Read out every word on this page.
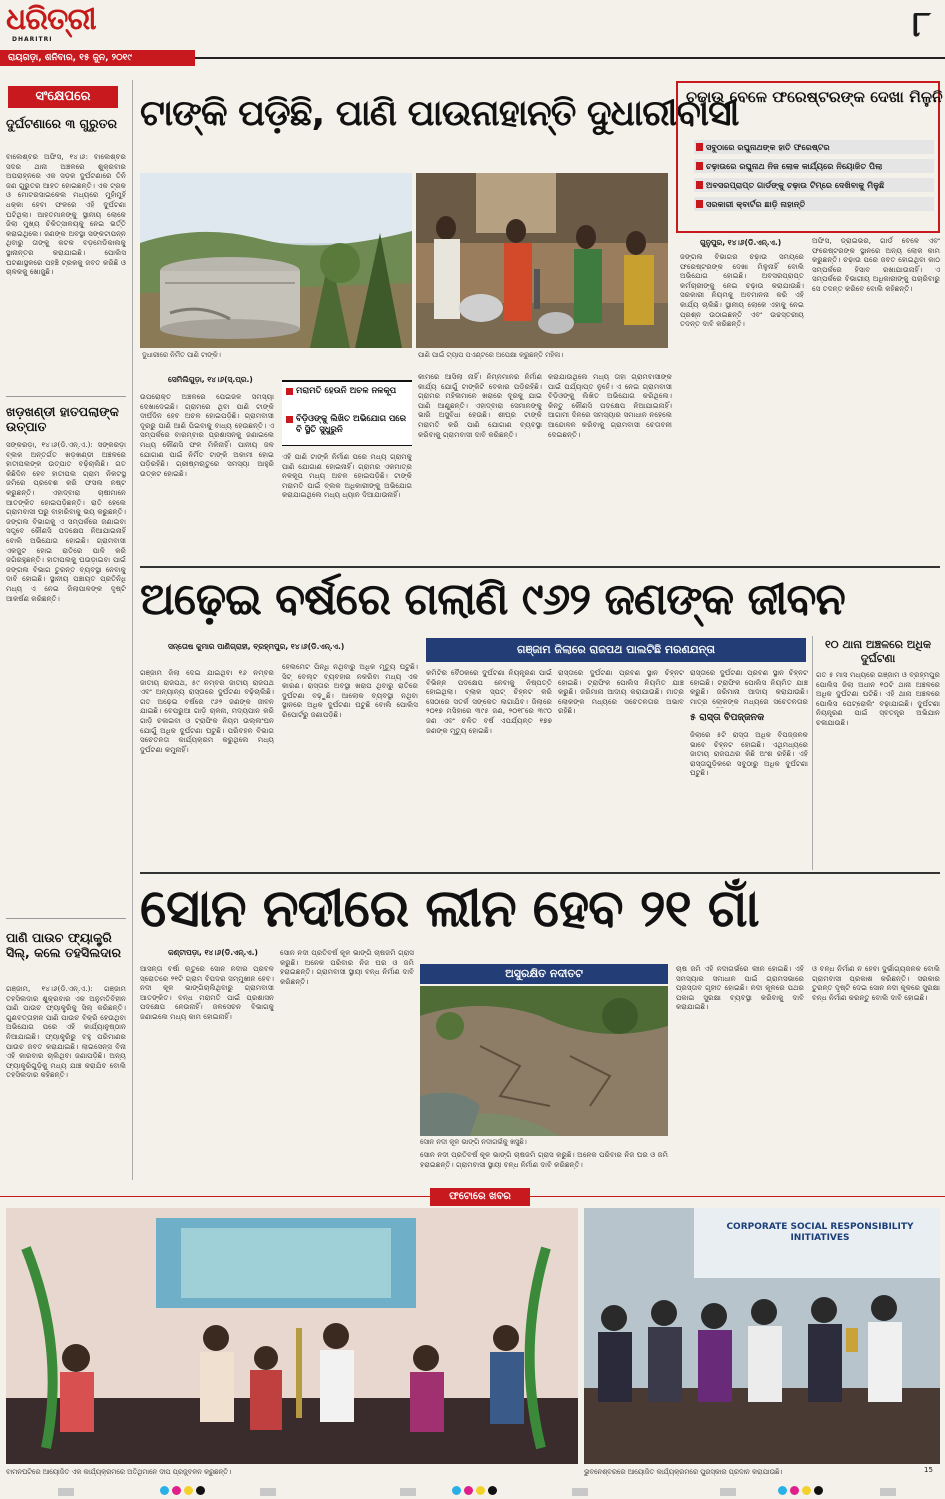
ଧରିତ୍ରୀ
DHARITRI
ରାୟଗଡ଼ା, ଶନିବାର, ୧୫ ଜୁନ, ୨୦୧୯
୮
ସଂକ୍ଷେପରେ
ଦୁର୍ଘଟଣାରେ ୩ ଗୁରୁତର
ବାଲେଶ୍ବର ଅଫିସ, ୧୪।୬: ବାଲେଶ୍ବର ସଦର ଥାନା ଅଞ୍ଚଳରେ ଶୁକ୍ରବାର ଅପରାହ୍ନରେ ଏକ ସଡ଼କ ଦୁର୍ଘଟଣାରେ ତିନି ଜଣ ଗୁରୁତର ଆହତ ହୋଇଛନ୍ତି। ଏକ ଟ୍ରକ ଓ ମୋଟରସାଇକେଲ ମଧ୍ୟରେ ମୁହାଁମୁହିଁ ଧକ୍କା ହେବା ଫଳରେ ଏହି ଦୁର୍ଘଟଣା ଘଟିଥିଲା। ଆହତମାନଙ୍କୁ ସ୍ଥାନୀୟ ଲୋକେ ଜିଲା ମୁଖ୍ୟ ଚିକିତ୍ସାଳୟକୁ ନେଇ ଭର୍ତ୍ତି କରାଇଥିଲେ। ଜଣଙ୍କ ଅବସ୍ଥା ସଙ୍କଟାପନ୍ନ ଥିବାରୁ ତାଙ୍କୁ କଟକ ବଡ଼ମେଡିକାଲକୁ ସ୍ଥାନାନ୍ତର କରାଯାଇଛି। ପୋଲିସ ଘଟଣାସ୍ଥଳରେ ପହଞ୍ଚି ଟ୍ରକକୁ ଜବତ କରିଛି ଓ ଚାଳକକୁ ଖୋଜୁଛି।
ଖଡ଼ଖଣ୍ଡୀ ହାତପଲାଙ୍କ ଉତ୍ପାତ
ସଙ୍କରଡ଼ା, ୧୪।୬(ଡି.ଏନ୍.ଏ.): ସଙ୍କରଡ଼ା ବ୍ଲକ ଅନ୍ତର୍ଗତ ଖଡ଼ଖଣ୍ଡୀ ଅଞ୍ଚଳରେ ହାତୀପଲଙ୍କ ଉତ୍ପାତ ବଢ଼ିଚାଲିଛି। ଗତ କିଛିଦିନ ହେବ ହାତୀପଲ ଗ୍ରାମ ନିକଟସ୍ଥ ଜମିରେ ପ୍ରବେଶ କରି ଫସଲ ନଷ୍ଟ କରୁଛନ୍ତି। ଏହାଦ୍ବାରା ଚାଷୀମାନେ ଆତଙ୍କିତ ହୋଇପଡ଼ିଛନ୍ତି। ରାତି ହେଲେ ଗ୍ରାମବାସୀ ଘରୁ ବାହାରିବାକୁ ଭୟ କରୁଛନ୍ତି। ଜଙ୍ଗଲ ବିଭାଗକୁ ଏ ସମ୍ପର୍କରେ ଜଣାଇବା ସତ୍ତ୍ବେ କୌଣସି ପଦକ୍ଷେପ ନିଆଯାଇନାହିଁ ବୋଲି ଅଭିଯୋଗ ହୋଇଛି। ଗ୍ରାମବାସୀ ଏକଜୁଟ ହୋଇ ରାତିରେ ପାଳି କରି ଜଗିରହୁଛନ୍ତି। ହାତୀପଲକୁ ଘଉଡ଼ାଇବା ପାଇଁ ଜଙ୍ଗଲ ବିଭାଗ ତୁରନ୍ତ ବ୍ୟବସ୍ଥା ନେବାକୁ ଦାବି ହୋଇଛି। ସ୍ଥାନୀୟ ପଞ୍ଚାୟତ ପ୍ରତିନିଧି ମଧ୍ୟ ଏ ନେଇ ଜିଲାପାଳଙ୍କ ଦୃଷ୍ଟି ଆକର୍ଷଣ କରିଛନ୍ତି।
ପାଣି ପାଉଚ ଫ୍ୟାକ୍ଟ୍ରି ସିଲ୍, କଲେ ତହସିଲଦାର
ଗଞ୍ଜାମ, ୧୪।୬(ଡି.ଏନ୍.ଏ.): ଗଞ୍ଜାମ ତହସିଲଦାର ଶୁକ୍ରବାର ଏକ ଅନୁମତିବିହୀନ ପାଣି ପାଉଚ ଫ୍ୟାକ୍ଟ୍ରିକୁ ସିଲ୍ କରିଛନ୍ତି। ଗୁଣବତ୍ତାହୀନ ପାଣି ପାଉଚ ବିକ୍ରି ହେଉଥିବା ଅଭିଯୋଗ ପରେ ଏହି କାର୍ଯ୍ୟାନୁଷ୍ଠାନ ନିଆଯାଇଛି। ଫ୍ୟାକ୍ଟ୍ରିରୁ ବହୁ ପରିମାଣର ପାଉଚ ଜବତ କରାଯାଇଛି। ଲାଇସେନ୍ସ ବିନା ଏହି କାରବାର ଚାଲିଥିବା ଜଣାପଡ଼ିଛି। ଅନ୍ୟ ଫ୍ୟାକ୍ଟ୍ରିଗୁଡ଼ିକୁ ମଧ୍ୟ ଯାଞ୍ଚ କରାଯିବ ବୋଲି ତହସିଲଦାର କହିଛନ୍ତି।
ଟାଙ୍କି ପଡ଼ିଛି, ପାଣି ପାଉନାହାନ୍ତି ଦୁଧାରୀବାସୀ
ଦୁଧାରୀରେ ନିର୍ମିତ ପାଣି ଟାଙ୍କି।	ପାଣି ପାଇଁ ଟ୍ୟାପ ପଏଣ୍ଟରେ ଅପେକ୍ଷା କରୁଛନ୍ତି ମହିଳା।
ସେମିଲିଗୁଡ଼ା, ୧୪।୬(ସ୍.ପ୍ର.)
ମରାମତି ହେଉନି ଅଚଳ ନଳକୂପ
ବିଡ଼ିଓଙ୍କୁ ଲିଖିତ ଅଭିଯୋଗ ପରେ ବି ସ୍ଥିତି ସୁଧୁରୁନି
ଉପରୋକ୍ତ ଅଞ୍ଚଳରେ ପେଇଜଳ ସମସ୍ୟା ଦେଖାଦେଇଛି। ଗ୍ରାମରେ ଥିବା ପାଣି ଟାଙ୍କି ଦୀର୍ଘଦିନ ହେବ ଅଚଳ ହୋଇପଡ଼ିଛି। ଗ୍ରାମବାସୀ ଦୂରରୁ ପାଣି ଆଣି ପିଇବାକୁ ବାଧ୍ୟ ହେଉଛନ୍ତି। ଏ ସମ୍ପର୍କରେ ବାରମ୍ବାର ପ୍ରଶାସନକୁ ଜଣାଇଲେ ମଧ୍ୟ କୌଣସି ଫଳ ମିଳିନାହିଁ। ପାନୀୟ ଜଳ ଯୋଗାଣ ପାଇଁ ନିର୍ମିତ ଟାଙ୍କି ଅକାମୀ ହୋଇ ପଡ଼ିରହିଛି। ଗ୍ରୀଷ୍ମଋତୁରେ ସମସ୍ୟା ଆହୁରି ଉତ୍କଟ ହୋଇଛି।
ଏହି ପାଣି ଟାଙ୍କି ନିର୍ମାଣ ପରେ ମଧ୍ୟ ଗ୍ରାମକୁ ପାଣି ଯୋଗାଣ ହୋଇନାହିଁ। ଗ୍ରାମର ଏକମାତ୍ର ନଳକୂପ ମଧ୍ୟ ଅଚଳ ହୋଇପଡ଼ିଛି। ଟାଙ୍କି ମରାମତି ପାଇଁ ବ୍ଲକ ଅଧିକାରୀଙ୍କୁ ଅଭିଯୋଗ କରାଯାଇଥିଲେ ମଧ୍ୟ ଧ୍ୟାନ ଦିଆଯାଉନାହିଁ।
କାମରେ ଆସିଲା ନାହିଁ। ନିମ୍ନମାନର ନିର୍ମାଣ କାର୍ଯ୍ୟ ଯୋଗୁଁ ଟାଙ୍କିଟି ବେକାର ପଡ଼ିରହିଛି। ଗ୍ରାମର ମହିଳାମାନେ ଖରାରେ ଦୂରକୁ ଯାଇ ପାଣି ଆଣୁଛନ୍ତି। ଏହାଦ୍ବାରା ସେମାନଙ୍କୁ ଭାରି ଅସୁବିଧା ହେଉଛି। ଶୀଘ୍ର ଟାଙ୍କି ମରାମତି କରି ପାଣି ଯୋଗାଣ ବ୍ୟବସ୍ଥା କରିବାକୁ ଗ୍ରାମବାସୀ ଦାବି କରିଛନ୍ତି।
କରାଯାଉଥିଲେ ମଧ୍ୟ ତାହା ଗ୍ରାମବାସୀଙ୍କ ପାଇଁ ପର୍ଯ୍ୟାପ୍ତ ନୁହେଁ। ଏ ନେଇ ଗ୍ରାମବାସୀ ବିଡ଼ିଓଙ୍କୁ ଲିଖିତ ଅଭିଯୋଗ କରିଥିଲେ। କିନ୍ତୁ କୌଣସି ପଦକ୍ଷେପ ନିଆଯାଇନାହିଁ। ଆଗାମୀ ଦିନରେ ସମସ୍ୟାର ସମାଧାନ ନହେଲେ ଆନ୍ଦୋଳନ କରିବାକୁ ଗ୍ରାମବାସୀ ଚେତାବନୀ ଦେଇଛନ୍ତି।
ଚଢ଼ାଉ ବେଳେ ଫରେଷ୍ଟରଙ୍କ ଦେଖା ମିଳୁନି
ସବୁଠାରେ ରଘୁନାଥଙ୍କ ହାତି ଫରେଷ୍ଟର
ଚଢ଼ାଉରେ ରଘୁନାଥ ନିଜ ଲୋକ କାର୍ଯ୍ୟରେ ନିୟୋଜିତ ପିଲା
ଅବସରପ୍ରାପ୍ତ ଗାର୍ଡଙ୍କୁ ଚଢ଼ାଉ ଟିମ୍‌ରେ ଦେଖିବାକୁ ମିଳୁଛି
ସରକାରୀ କ୍ବାର୍ଟର ଛାଡ଼ି ନାହାନ୍ତି
ଗୁନୁପୁର, ୧୪।୬(ଡି.ଏନ୍.ଏ.)
ଜଙ୍ଗଲ ବିଭାଗର ଚଢ଼ାଉ ସମୟରେ ଫରେଷ୍ଟରଙ୍କ ଦେଖା ମିଳୁନାହିଁ ବୋଲି ଅଭିଯୋଗ ହୋଇଛି। ଅବସରପ୍ରାପ୍ତ କର୍ମଚାରୀଙ୍କୁ ନେଇ ଚଢ଼ାଉ କରାଯାଉଛି। ସରକାରୀ ନିୟମକୁ ଅବମାନନା କରି ଏହି କାର୍ଯ୍ୟ ଚାଲିଛି। ସ୍ଥାନୀୟ ଲୋକେ ଏହାକୁ ନେଇ ପ୍ରଶ୍ନ ଉଠାଇଛନ୍ତି ଏବଂ ଉଚ୍ଚସ୍ତରୀୟ ତଦନ୍ତ ଦାବି କରିଛନ୍ତି।
ଅଫିସ, ଡ୍ରାଇଭର, ଗାର୍ଡ ବେଳେ ଏବଂ ଫରେଷ୍ଟରଙ୍କ ସ୍ଥାନରେ ଅନ୍ୟ ଲୋକ କାମ କରୁଛନ୍ତି। ଚଢ଼ାଉ ପରେ ଜବତ ହୋଇଥିବା କାଠ ସମ୍ପର୍କରେ ହିସାବ ରଖାଯାଉନାହିଁ। ଏ ସମ୍ପର୍କରେ ବିଭାଗୀୟ ଅଧିକାରୀଙ୍କୁ ପଚାରିବାରୁ ସେ ତଦନ୍ତ କରିବେ ବୋଲି କହିଛନ୍ତି।
ଅଢ଼େଇ ବର୍ଷରେ ଗଲାଣି ୯୬୨ ଜଣଙ୍କ ଜୀବନ
ସନ୍ତୋଷ କୁମାର ପାଣିଗ୍ରାହୀ, ବ୍ରହ୍ମପୁର, ୧୪।୬(ଡି.ଏନ୍.ଏ.)
ଗଞ୍ଜାମ ଜିଲା ଦେଇ ଯାଇଥିବା ୧୬ ନମ୍ବର ଜାତୀୟ ରାଜପଥ, ୫୯ ନମ୍ବର ଜାତୀୟ ରାଜପଥ ଏବଂ ଅନ୍ୟାନ୍ୟ ରାସ୍ତାରେ ଦୁର୍ଘଟଣା ବଢ଼ିଚାଲିଛି। ଗତ ଅଢ଼େଇ ବର୍ଷରେ ୯୬୨ ଜଣଙ୍କ ଜୀବନ ଯାଇଛି। ବେପରୁଆ ଗାଡ଼ି ଚାଳନା, ମଦ୍ୟପାନ କରି ଗାଡ଼ି ଚଳାଇବା ଓ ଟ୍ରାଫିକ ନିୟମ ଉଲ୍ଲଂଘନ ଯୋଗୁଁ ଅଧିକ ଦୁର୍ଘଟଣା ଘଟୁଛି। ପରିବହନ ବିଭାଗ ସଚେତନତା କାର୍ଯ୍ୟକ୍ରମ କରୁଥିଲେ ମଧ୍ୟ ଦୁର୍ଘଟଣା କମୁନାହିଁ।
ହେଲମେଟ ପିନ୍ଧି ନଥିବାରୁ ଅଧିକ ମୃତ୍ୟୁ ଘଟୁଛି। ସିଟ୍ ବେଲ୍ଟ ବ୍ୟବହାର ନକରିବା ମଧ୍ୟ ଏକ କାରଣ। ରାସ୍ତାର ଅବସ୍ଥା ଖରାପ ଥିବାରୁ ରାତିରେ ଦୁର୍ଘଟଣା ବଢ଼ୁଛି। ଆଲୋକ ବ୍ୟବସ୍ଥା ନଥିବା ସ୍ଥାନରେ ଅଧିକ ଦୁର୍ଘଟଣା ଘଟୁଛି ବୋଲି ପୋଲିସ ରିପୋର୍ଟରୁ ଜଣାପଡ଼ିଛି।
ଗଞ୍ଜାମ ଜିଲାରେ ରାଜପଥ ପାଲଟିଛି ମରଣଯନ୍ତା
କମିଟିର ବୈଠକରେ ଦୁର୍ଘଟଣା ନିୟନ୍ତ୍ରଣ ପାଇଁ ବିଭିନ୍ନ ପଦକ୍ଷେପ ନେବାକୁ ନିଷ୍ପତ୍ତି ହୋଇଥିଲା। ବ୍ଲାକ ସ୍ପଟ୍ ଚିହ୍ନଟ କରି ସେଠାରେ ସତର୍କ ସଙ୍କେତ ଲଗାଯିବ। ଜିଲାରେ ୨୦୧୭ ମସିହାରେ ୩୯୫ ଜଣ, ୨୦୧୮ରେ ୩୯୦ ଜଣ ଏବଂ ଚଳିତ ବର୍ଷ ଏପର୍ଯ୍ୟନ୍ତ ୧୭୭ ଜଣଙ୍କ ମୃତ୍ୟୁ ହୋଇଛି।
ରାସ୍ତାରେ ଦୁର୍ଘଟଣା ପ୍ରବଣ ସ୍ଥାନ ଚିହ୍ନଟ ହୋଇଛି। ଟ୍ରାଫିକ ପୋଲିସ ନିୟମିତ ଯାଞ୍ଚ କରୁଛି। ଜରିମାନା ଆଦାୟ କରାଯାଉଛି। ମାତ୍ର ଲୋକଙ୍କ ମଧ୍ୟରେ ସଚେତନତାର ଅଭାବ ରହିଛି।
୫ ରାସ୍ତା ବିପଜ୍ଜନକ
ଜିଲାରେ ୫ଟି ରାସ୍ତା ଅଧିକ ବିପଜ୍ଜନକ ଭାବେ ଚିହ୍ନଟ ହୋଇଛି। ଏଥିମଧ୍ୟରେ ଜାତୀୟ ରାଜପଥର କିଛି ଅଂଶ ରହିଛି। ଏହି ରାସ୍ତାଗୁଡ଼ିକରେ ସବୁଠାରୁ ଅଧିକ ଦୁର୍ଘଟଣା ଘଟୁଛି।
ରାସ୍ତାରେ ଦୁର୍ଘଟଣା ପ୍ରବଣ ସ୍ଥାନ ଚିହ୍ନଟ ହୋଇଛି। ଟ୍ରାଫିକ ପୋଲିସ ନିୟମିତ ଯାଞ୍ଚ କରୁଛି। ଜରିମାନା ଆଦାୟ କରାଯାଉଛି। ମାତ୍ର ଲୋକଙ୍କ ମଧ୍ୟରେ ସଚେତନତାର
୧୦ ଥାନା ଅଞ୍ଚଳରେ ଅଧିକ ଦୁର୍ଘଟଣା
ଗତ ୫ ମାସ ମଧ୍ୟରେ ଗଞ୍ଜାମ ଓ ବ୍ରହ୍ମପୁର ପୋଲିସ ଜିଲା ଅଧୀନ ୧୦ଟି ଥାନା ଅଞ୍ଚଳରେ ଅଧିକ ଦୁର୍ଘଟଣା ଘଟିଛି। ଏହି ଥାନା ଅଞ୍ଚଳରେ ପୋଲିସ ପେଟ୍ରୋଲିଂ ବଢ଼ାଯାଇଛି। ଦୁର୍ଘଟଣା ନିୟନ୍ତ୍ରଣ ପାଇଁ ସ୍ବତନ୍ତ୍ର ଅଭିଯାନ ଚଳାଯାଉଛି।
ସୋନ ନଦୀରେ ଲୀନ ହେବ ୨୧ ଗାଁ
କଣ୍ଟାପଡ଼ା, ୧୪।୬(ଡି.ଏନ୍.ଏ.)
ଆସନ୍ତା ବର୍ଷା ଋତୁରେ ସୋନ ନଦୀର ପ୍ରବଳ ସ୍ରୋତରେ ୨୧ଟି ଗ୍ରାମ ବିପଦର ସମ୍ମୁଖୀନ ହେବ। ନଦୀ କୂଳ ଭାଙ୍ଗିଚାଲିଥିବାରୁ ଗ୍ରାମବାସୀ ଆତଙ୍କିତ। ବନ୍ଧ ମରାମତି ପାଇଁ ପ୍ରଶାସନ ପଦକ୍ଷେପ ନେଉନାହିଁ। ଜଳସେଚନ ବିଭାଗକୁ ଜଣାଇଲେ ମଧ୍ୟ କାମ ହୋଇନାହିଁ।
ସୋନ ନଦୀ ପ୍ରତିବର୍ଷ କୂଳ ଭାଙ୍ଗି ଚାଷଜମି ଗ୍ରାସ କରୁଛି। ଅନେକ ପରିବାର ନିଜ ଘର ଓ ଜମି ହରାଇଛନ୍ତି। ଗ୍ରାମବାସୀ ସ୍ଥାୟୀ ବନ୍ଧ ନିର୍ମାଣ ଦାବି କରିଛନ୍ତି।
ଅସୁରକ୍ଷିତ ନଦୀତଟ
ସୋନ ନଦୀ କୂଳ ଭାଙ୍ଗି ନଦୀଗର୍ଭକୁ ଖସୁଛି।
ସୋନ ନଦୀ ପ୍ରତିବର୍ଷ କୂଳ ଭାଙ୍ଗି ଚାଷଜମି ଗ୍ରାସ କରୁଛି। ଅନେକ ପରିବାର ନିଜ ଘର ଓ ଜମି ହରାଇଛନ୍ତି। ଗ୍ରାମବାସୀ ସ୍ଥାୟୀ ବନ୍ଧ ନିର୍ମାଣ ଦାବି କରିଛନ୍ତି।
ଚାଷ ଜମି ଏହି ନଦୀଗର୍ଭରେ ଲୀନ ହୋଇଛି। ଏହି ସମସ୍ୟାର ସମାଧାନ ପାଇଁ ଗ୍ରାମସଭାରେ ପ୍ରସ୍ତାବ ଗୃହୀତ ହୋଇଛି। ନଦୀ କୂଳରେ ପଥର ପକାଇ ସୁରକ୍ଷା ବ୍ୟବସ୍ଥା କରିବାକୁ ଦାବି କରାଯାଇଛି।
ଓ ବନ୍ଧ ନିର୍ମାଣ ନ ହେବା ଦୁର୍ଭାଗ୍ୟଜନକ ବୋଲି ଗ୍ରାମବାସୀ ପ୍ରକାଶ କରିଛନ୍ତି। ସରକାର ତୁରନ୍ତ ଦୃଷ୍ଟି ଦେଇ ସୋନ ନଦୀ କୂଳରେ ସୁରକ୍ଷା ବନ୍ଧ ନିର୍ମାଣ କରନ୍ତୁ ବୋଲି ଦାବି ହୋଇଛି।
ଫଟୋରେ ଖବର
CORPORATE SOCIAL RESPONSIBILITY INITIATIVES
ବାମନଘଟିରେ ଆୟୋଜିତ ଏକ କାର୍ଯ୍ୟକ୍ରମରେ ଅତିଥିମାନେ ଦୀପ ପ୍ରଜ୍ଜ୍ବଳନ କରୁଛନ୍ତି।	ଭୁବନେଶ୍ବରରେ ଆୟୋଜିତ କାର୍ଯ୍ୟକ୍ରମରେ ପୁରସ୍କାର ପ୍ରଦାନ କରାଯାଉଛି।	15
